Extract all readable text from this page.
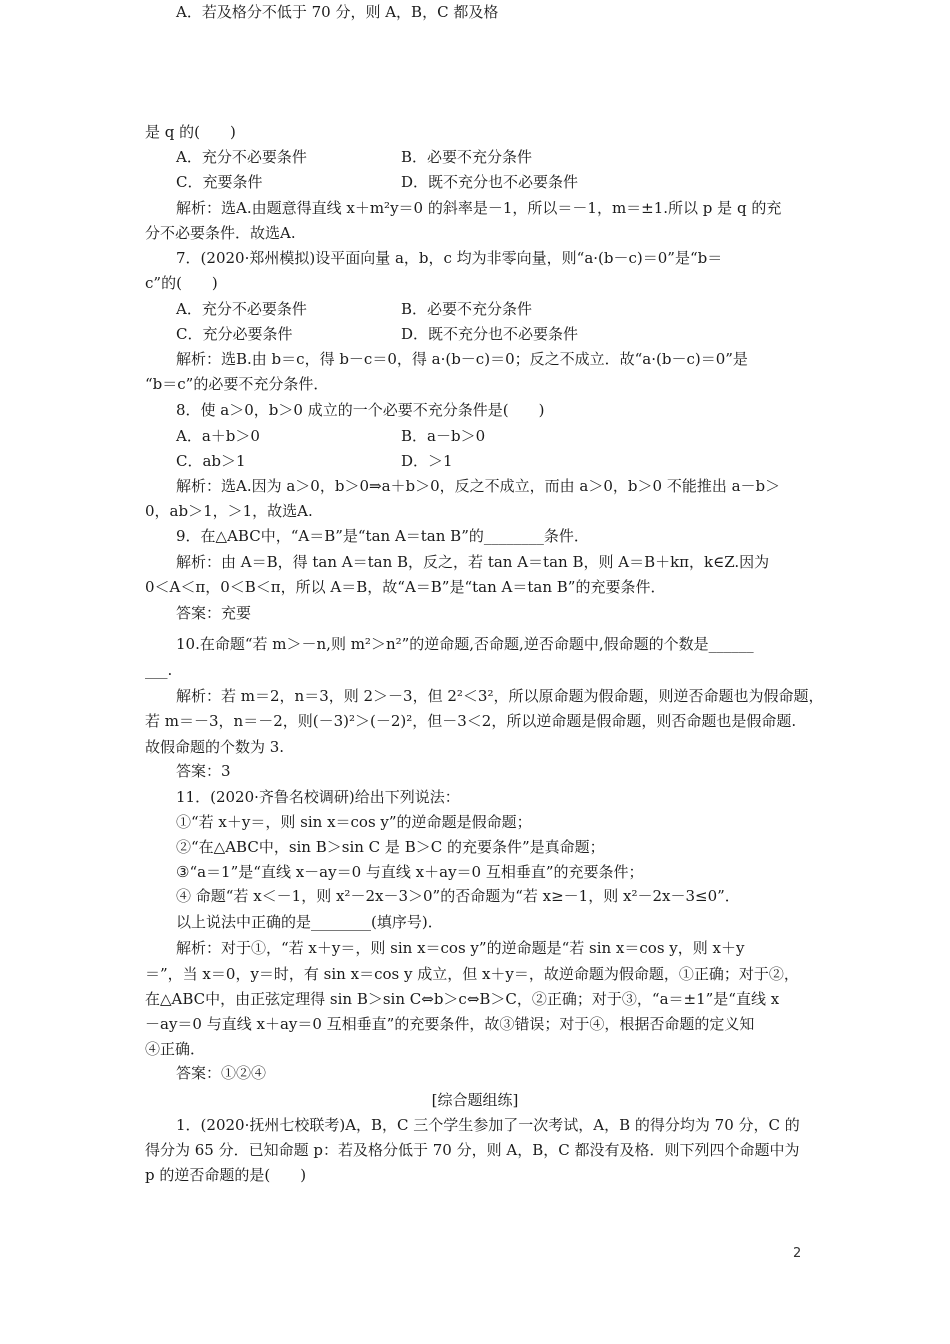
是 q 的(　　)
A．充分不必要条件	B．必要不充分条件
C．充要条件	D．既不充分也不必要条件
解析：选A.由题意得直线 x＋m²y＝0 的斜率是－1，所以＝－1，m＝±1.所以 p 是 q 的充
分不必要条件．故选A.
7．(2020·郑州模拟)设平面向量 a，b，c 均为非零向量，则“a·(b－c)＝0”是“b＝
c”的(　　)
A．充分不必要条件	B．必要不充分条件
C．充分必要条件	D．既不充分也不必要条件
解析：选B.由 b＝c，得 b－c＝0，得 a·(b－c)＝0；反之不成立．故“a·(b－c)＝0”是
“b＝c”的必要不充分条件．
8．使 a＞0，b＞0 成立的一个必要不充分条件是(　　)
A．a＋b＞0	B．a－b＞0
C．ab＞1	D．＞1
解析：选A.因为 a＞0，b＞0⇒a＋b＞0，反之不成立，而由 a＞0，b＞0 不能推出 a－b＞
0，ab＞1，＞1，故选A.
9．在△ABC中，“A＝B”是“tan A＝tan B”的________条件．
解析：由 A＝B，得 tan A＝tan B，反之，若 tan A＝tan B，则 A＝B＋kπ，k∈Z.因为
0＜A＜π，0＜B＜π，所以 A＝B，故“A＝B”是“tan A＝tan B”的充要条件．
答案：充要
10.在命题“若 m＞－n,则 m²＞n²”的逆命题,否命题,逆否命题中,假命题的个数是______
___.
解析：若 m＝2，n＝3，则 2＞－3，但 2²＜3²，所以原命题为假命题，则逆否命题也为假命题，
若 m＝－3，n＝－2，则(－3)²＞(－2)²，但－3＜2，所以逆命题是假命题，则否命题也是假命题.
故假命题的个数为 3.
答案：3
11．(2020·齐鲁名校调研)给出下列说法：
①“若 x＋y＝，则 sin x＝cos y”的逆命题是假命题；
②“在△ABC中，sin B＞sin C 是 B＞C 的充要条件”是真命题；
③“a＝1”是“直线 x－ay＝0 与直线 x＋ay＝0 互相垂直”的充要条件；
④ 命题“若 x＜－1，则 x²－2x－3＞0”的否命题为“若 x≥－1，则 x²－2x－3≤0”．
以上说法中正确的是________(填序号)．
解析：对于①，“若 x＋y＝，则 sin x＝cos y”的逆命题是“若 sin x＝cos y，则 x＋y
＝”，当 x＝0，y＝时，有 sin x＝cos y 成立，但 x＋y＝，故逆命题为假命题，①正确；对于②，
在△ABC中，由正弦定理得 sin B＞sin C⇔b＞c⇔B＞C，②正确；对于③，“a＝±1”是“直线 x
－ay＝0 与直线 x＋ay＝0 互相垂直”的充要条件，故③错误；对于④，根据否命题的定义知
④正确．
答案：①②④
[综合题组练]
1．(2020·抚州七校联考)A，B，C 三个学生参加了一次考试，A，B 的得分均为 70 分，C 的
得分为 65 分．已知命题 p：若及格分低于 70 分，则 A，B，C 都没有及格．则下列四个命题中为
p 的逆否命题的是(　　)
A．若及格分不低于 70 分，则 A，B，C 都及格
2
